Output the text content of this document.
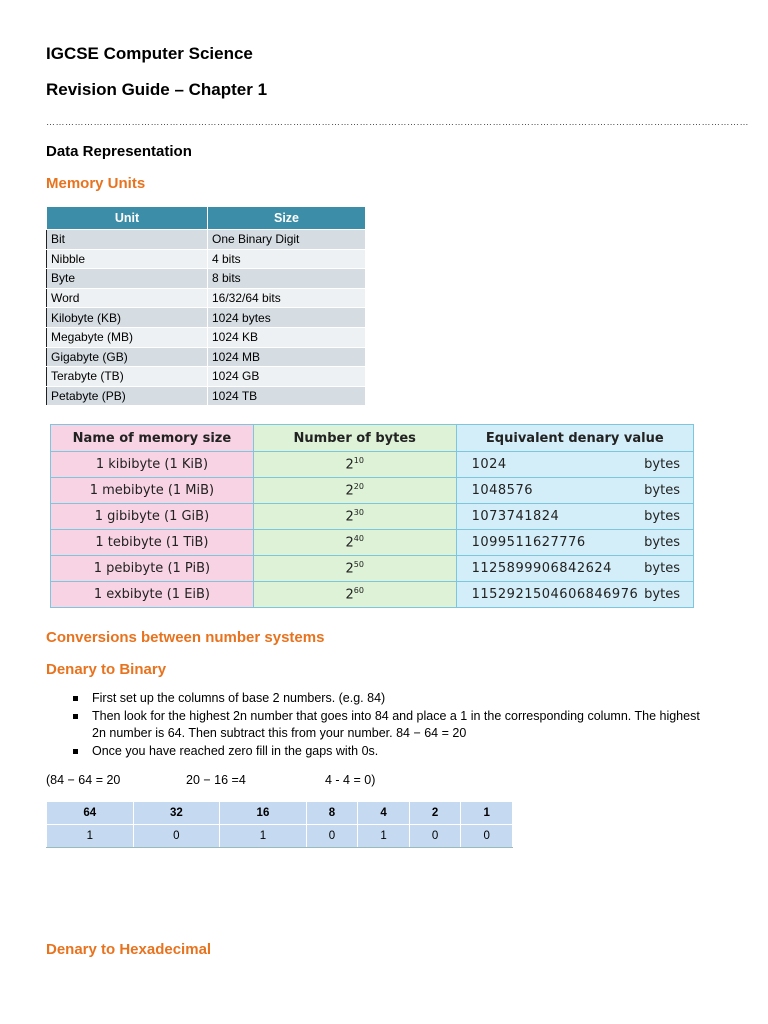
IGCSE Computer Science
Revision Guide – Chapter 1
……………………………………………………………………………………………………………………………………………………………………………………………………
Data Representation
Memory Units
Unit	Size
Bit	One Binary Digit
Nibble	4 bits
Byte	8 bits
Word	16/32/64 bits
Kilobyte (KB)	1024 bytes
Megabyte (MB)	1024 KB
Gigabyte (GB)	1024 MB
Terabyte (TB)	1024 GB
Petabyte (PB)	1024 TB
Name of memory size	Number of bytes	Equivalent denary value
1 kibibyte (1 KiB)	$2^{10}$	1024 bytes

1 mebibyte (1 MiB)	$2^{20}$	1048576 bytes

1 gibibyte (1 GiB)	$2^{30}$	1073741824 bytes

1 tebibyte (1 TiB)	$2^{40}$	1099511627776 bytes

1 pebibyte (1 PiB)	$2^{50}$	1125899906842624 bytes

1 exbibyte (1 EiB)	$2^{60}$	1152921504606846976 bytes
Conversions between number systems
Denary to Binary
First set up the columns of base 2 numbers. (e.g. 84)
Then look for the highest 2n number that goes into 84 and place a 1 in the corresponding column. The highest 2n number is 64. Then subtract this from your number. 84 − 64 = 20
Once you have reached zero fill in the gaps with 0s.
(84 − 64 = 20	20 − 16 =4	4 - 4 = 0)
64	32	16	8	4	2	1
1	0	1	0	1	0	0
Denary to Hexadecimal
